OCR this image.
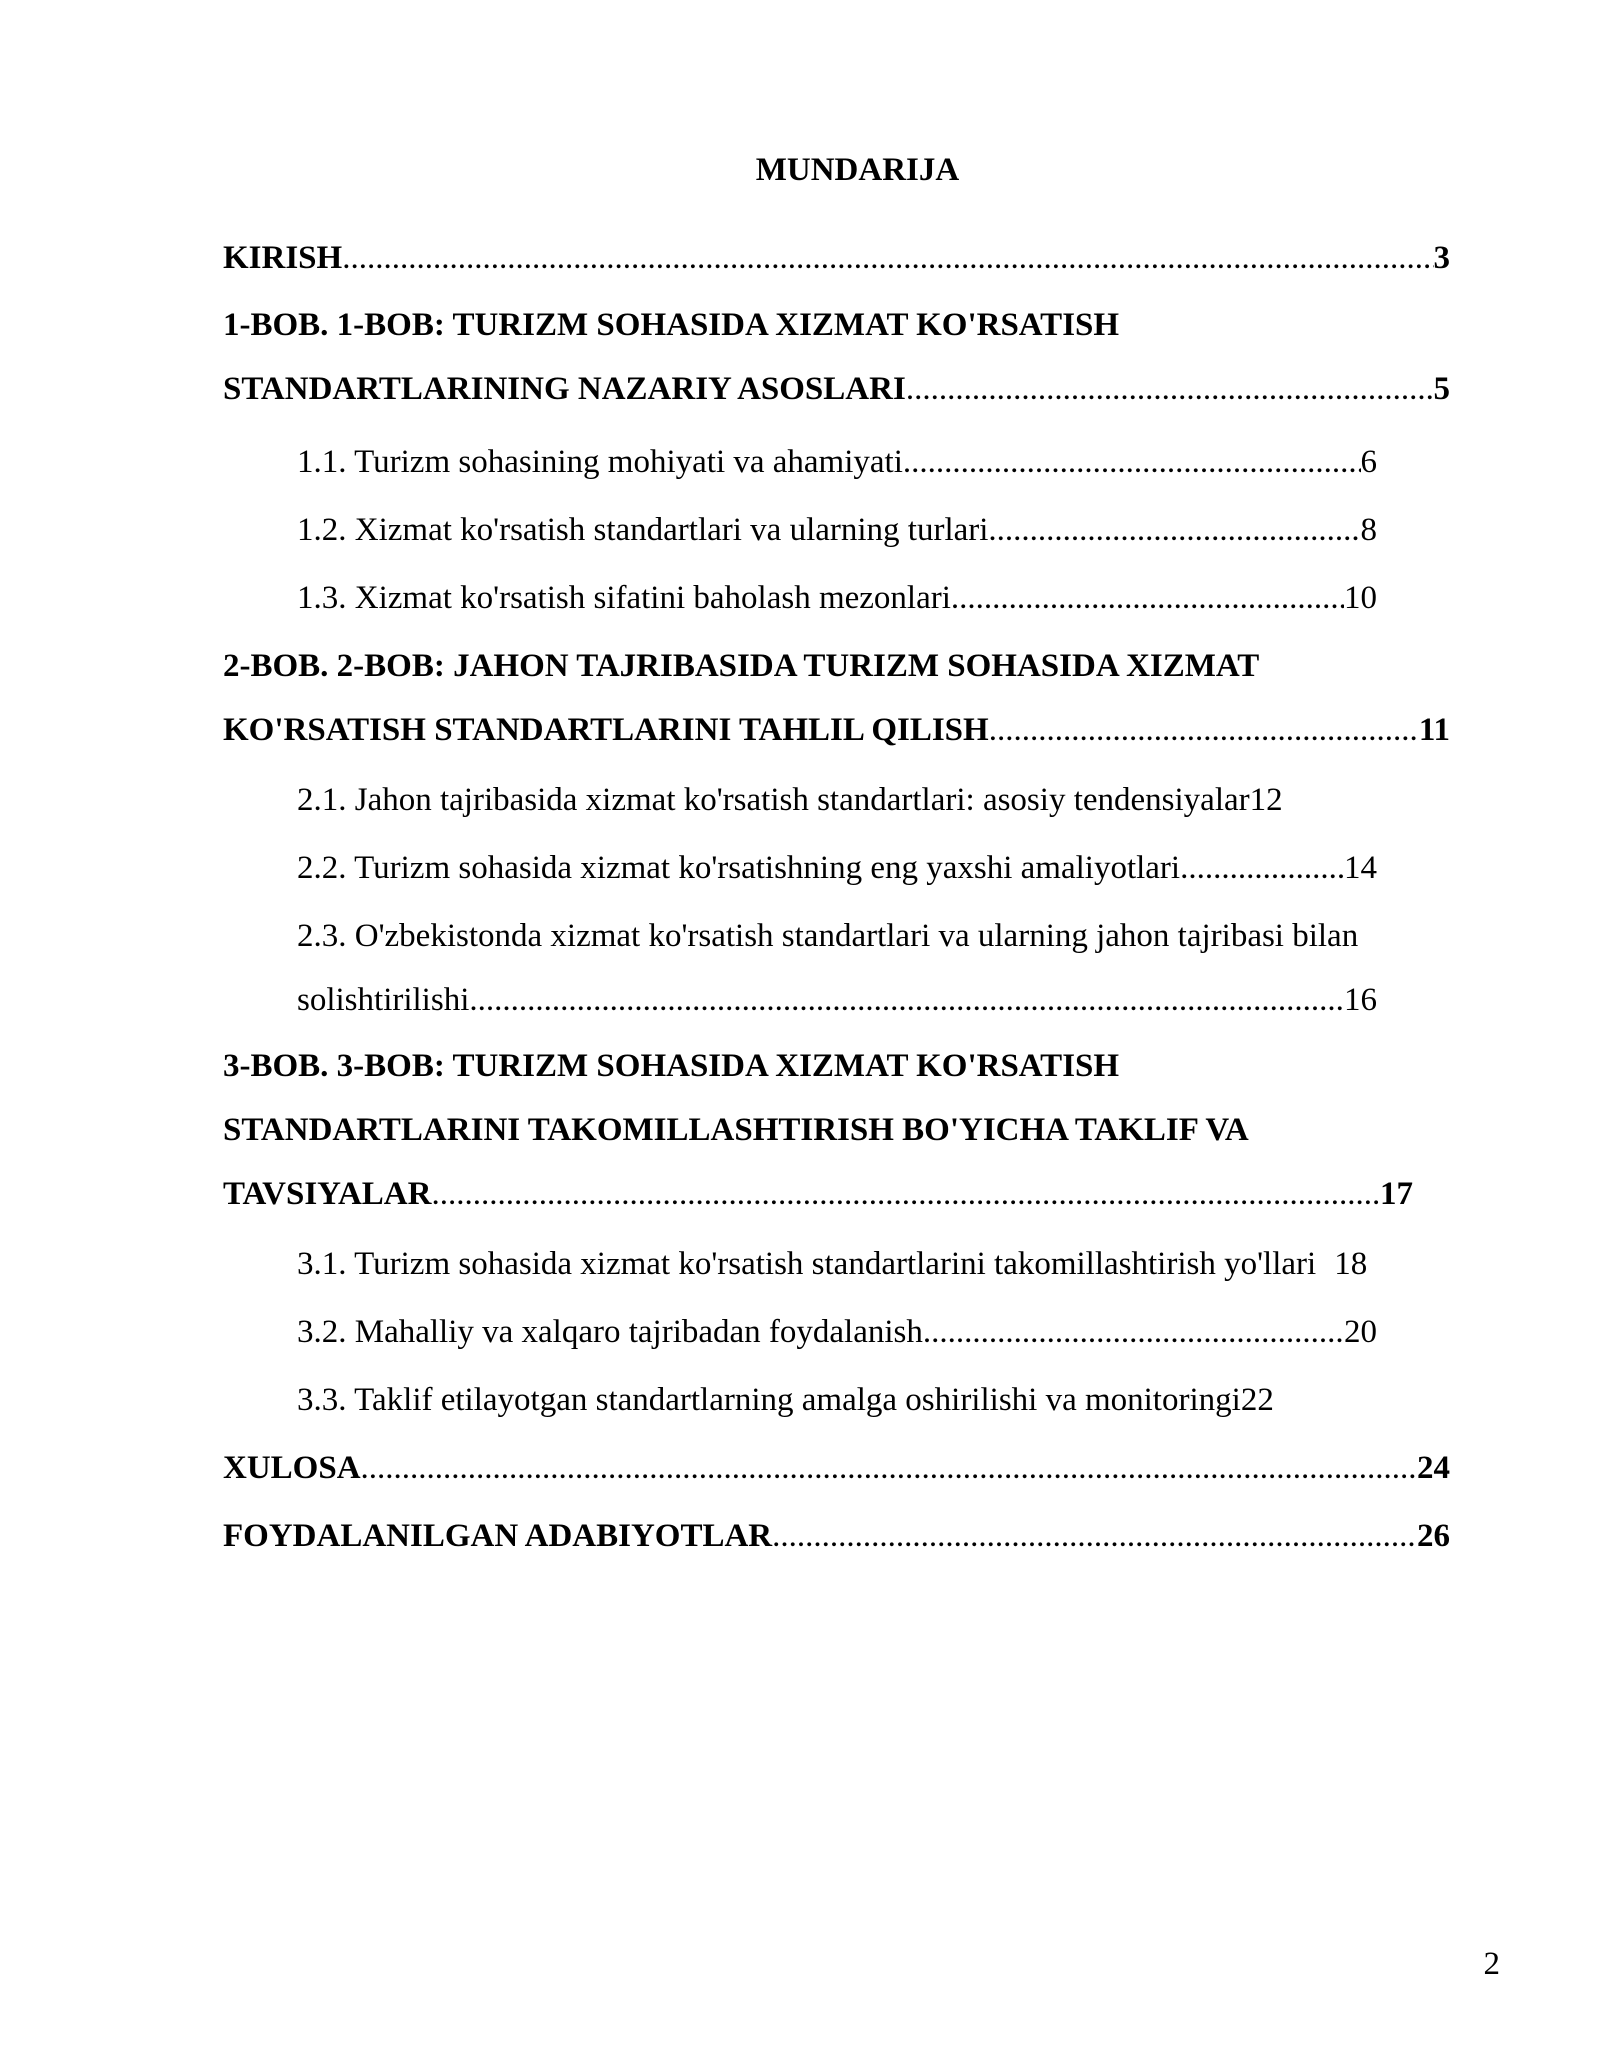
MUNDARIJA
KIRISH .....	3
1-BOB. 1-BOB: TURIZM SOHASIDA XIZMAT KO'RSATISH
STANDARTLARINING NAZARIY ASOSLARI .....	5
1.1. Turizm sohasining mohiyati va ahamiyati .....	6
1.2. Xizmat ko'rsatish standartlari va ularning turlari .....	8
1.3. Xizmat ko'rsatish sifatini baholash mezonlari .....	10
2-BOB. 2-BOB: JAHON TAJRIBASIDA TURIZM SOHASIDA XIZMAT
KO'RSATISH STANDARTLARINI TAHLIL QILISH .....	11
2.1. Jahon tajribasida xizmat ko'rsatish standartlari: asosiy tendensiyalar 12
2.2. Turizm sohasida xizmat ko'rsatishning eng yaxshi amaliyotlari .....	14
2.3. O'zbekistonda xizmat ko'rsatish standartlari va ularning jahon tajribasi bilan
solishtirilishi .....	16
3-BOB. 3-BOB: TURIZM SOHASIDA XIZMAT KO'RSATISH
STANDARTLARINI TAKOMILLASHTIRISH BO'YICHA TAKLIF VA
TAVSIYALAR .....	17
3.1. Turizm sohasida xizmat ko'rsatish standartlarini takomillashtirish yo'llari 18
3.2. Mahalliy va xalqaro tajribadan foydalanish .....	20
3.3. Taklif etilayotgan standartlarning amalga oshirilishi va monitoringi 22
XULOSA .....	24
FOYDALANILGAN ADABIYOTLAR .....	26
2
